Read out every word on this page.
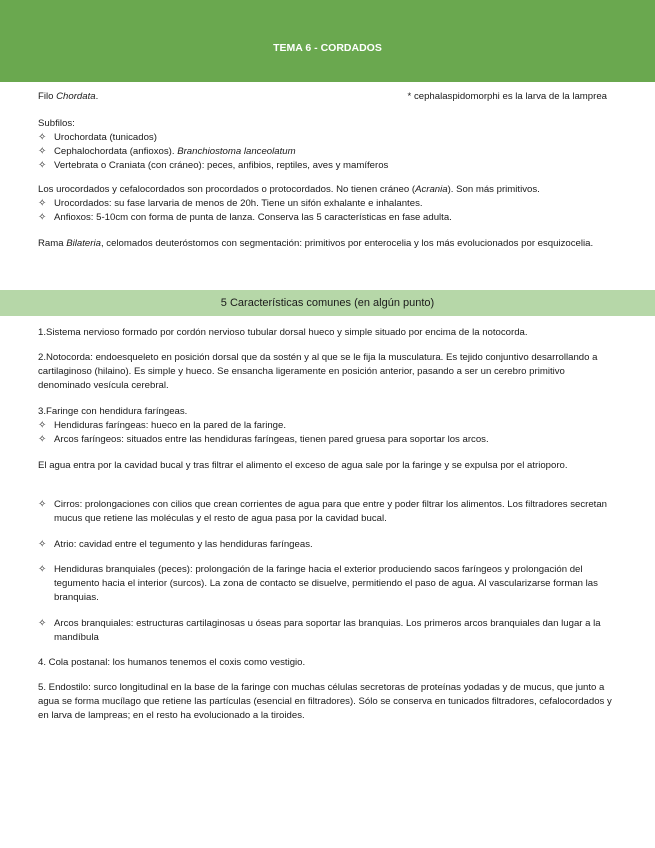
TEMA 6 - CORDADOS
Filo Chordata.	* cephalaspidomorphi es la larva de la lamprea

Subfilos:

✧ Urochordata (tunicados)
✧ Cephalochordata (anfioxos). Branchiostoma lanceolatum
✧ Vertebrata o Craniata (con cráneo): peces, anfibios, reptiles, aves y mamíferos

Los urocordados y cefalocordados son procordados o protocordados. No tienen cráneo (Acrania). Son más primitivos.

✧ Urocordados: su fase larvaria de menos de 20h. Tiene un sifón exhalante e inhalantes.
✧ Anfioxos: 5-10cm con forma de punta de lanza. Conserva las 5 características en fase adulta.
Rama Bilateria, celomados deuteróstomos con segmentación: primitivos por enterocelia y los más evolucionados por esquizocelia.
5 Características comunes (en algún punto)
1.Sistema nervioso formado por cordón nervioso tubular dorsal hueco y simple situado por encima de la notocorda.
2.Notocorda: endoesqueleto en posición dorsal que da sostén y al que se le fija la musculatura. Es tejido conjuntivo desarrollando a cartilaginoso (hilaino). Es simple y hueco. Se ensancha ligeramente en posición anterior, pasando a ser un cerebro primitivo denominado vesícula cerebral.

3.Faringe con hendidura faríngeas.

✧ Hendiduras faríngeas: hueco en la pared de la faringe.
✧ Arcos faríngeos: situados entre las hendiduras faríngeas, tienen pared gruesa para soportar los arcos.
El agua entra por la cavidad bucal y tras filtrar el alimento el exceso de agua sale por la faringe y se expulsa por el atrioporo.
✧ Cirros: prolongaciones con cilios que crean corrientes de agua para que entre y poder filtrar los alimentos. Los filtradores secretan mucus que retiene las moléculas y el resto de agua pasa por la cavidad bucal.
✧ Atrio: cavidad entre el tegumento y las hendiduras faríngeas.
✧ Hendiduras branquiales (peces): prolongación de la faringe hacia el exterior produciendo sacos faríngeos y prolongación del tegumento hacia el interior (surcos). La zona de contacto se disuelve, permitiendo el paso de agua. Al vascularizarse forman las branquias.
✧ Arcos branquiales: estructuras cartilaginosas u óseas para soportar las branquias. Los primeros arcos branquiales dan lugar a la mandíbula
4. Cola postanal: los humanos tenemos el coxis como vestigio.
5. Endostilo: surco longitudinal en la base de la faringe con muchas células secretoras de proteínas yodadas y de mucus, que junto a agua se forma mucílago que retiene las partículas (esencial en filtradores). Sólo se conserva en tunicados filtradores, cefalocordados y en larva de lampreas; en el resto ha evolucionado a la tiroides.
